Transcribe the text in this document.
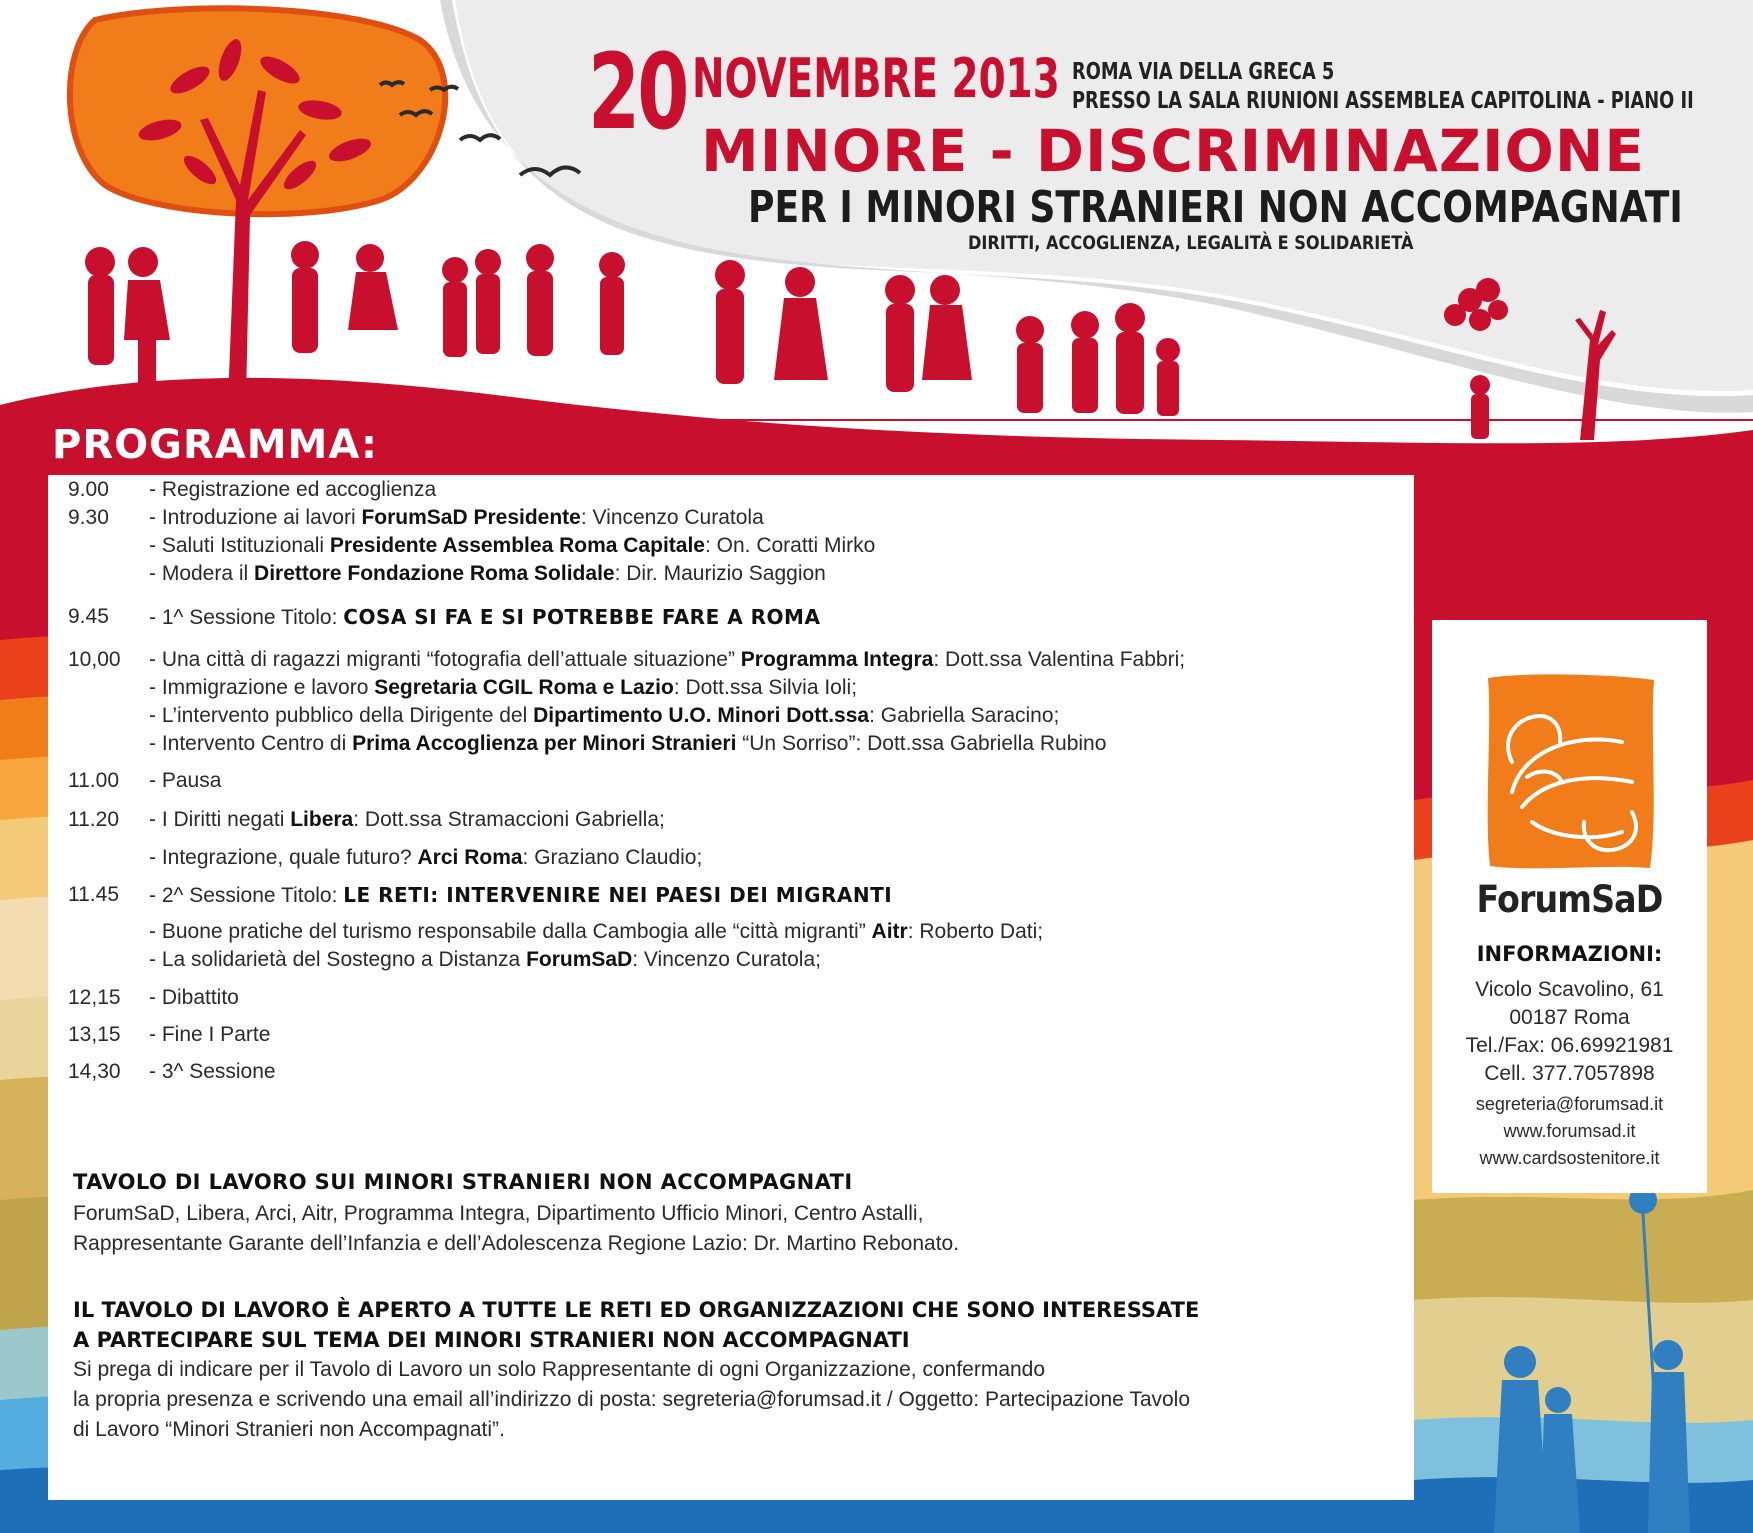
20 NOVEMBRE 2013 ROMA VIA DELLA GRECA 5
PRESSO LA SALA RIUNIONI ASSEMBLEA CAPITOLINA - PIANO II
MINORE - DISCRIMINAZIONE
PER I MINORI STRANIERI NON ACCOMPAGNATI
DIRITTI, ACCOGLIENZA, LEGALITÀ E SOLIDARIETÀ
PROGRAMMA:
9.00	- Registrazione ed accoglienza
9.30	- Introduzione ai lavori ForumSaD Presidente: Vincenzo Curatola
- Saluti Istituzionali Presidente Assemblea Roma Capitale: On. Coratti Mirko
- Modera il Direttore Fondazione Roma Solidale: Dir. Maurizio Saggion
9.45	- 1^ Sessione Titolo: COSA SI FA E SI POTREBBE FARE A ROMA
10,00	- Una città di ragazzi migranti “fotografia dell’attuale situazione” Programma Integra: Dott.ssa Valentina Fabbri;
- Immigrazione e lavoro Segretaria CGIL Roma e Lazio: Dott.ssa Silvia Ioli;
- L’intervento pubblico della Dirigente del Dipartimento U.O. Minori Dott.ssa: Gabriella Saracino;
- Intervento Centro di Prima Accoglienza per Minori Stranieri “Un Sorriso”: Dott.ssa Gabriella Rubino
11.00	- Pausa
11.20	- I Diritti negati Libera: Dott.ssa Stramaccioni Gabriella;
- Integrazione, quale futuro? Arci Roma: Graziano Claudio;
11.45	- 2^ Sessione Titolo: LE RETI: INTERVENIRE NEI PAESI DEI MIGRANTI
- Buone pratiche del turismo responsabile dalla Cambogia alle “città migranti” Aitr: Roberto Dati;
- La solidarietà del Sostegno a Distanza ForumSaD: Vincenzo Curatola;
12,15	- Dibattito
13,15	- Fine I Parte
14,30	- 3^ Sessione
TAVOLO DI LAVORO SUI MINORI STRANIERI NON ACCOMPAGNATI
ForumSaD, Libera, Arci, Aitr, Programma Integra, Dipartimento Ufficio Minori, Centro Astalli,
Rappresentante Garante dell’Infanzia e dell’Adolescenza Regione Lazio: Dr. Martino Rebonato.
IL TAVOLO DI LAVORO È APERTO A TUTTE LE RETI ED ORGANIZZAZIONI CHE SONO INTERESSATE
A PARTECIPARE SUL TEMA DEI MINORI STRANIERI NON ACCOMPAGNATI
Si prega di indicare per il Tavolo di Lavoro un solo Rappresentante di ogni Organizzazione, confermando
la propria presenza e scrivendo una email all’indirizzo di posta: segreteria@forumsad.it / Oggetto: Partecipazione Tavolo
di Lavoro “Minori Stranieri non Accompagnati”.
ForumSaD
INFORMAZIONI:
Vicolo Scavolino, 61
00187 Roma
Tel./Fax: 06.69921981
Cell. 377.7057898
segreteria@forumsad.it
www.forumsad.it
www.cardsostenitore.it
